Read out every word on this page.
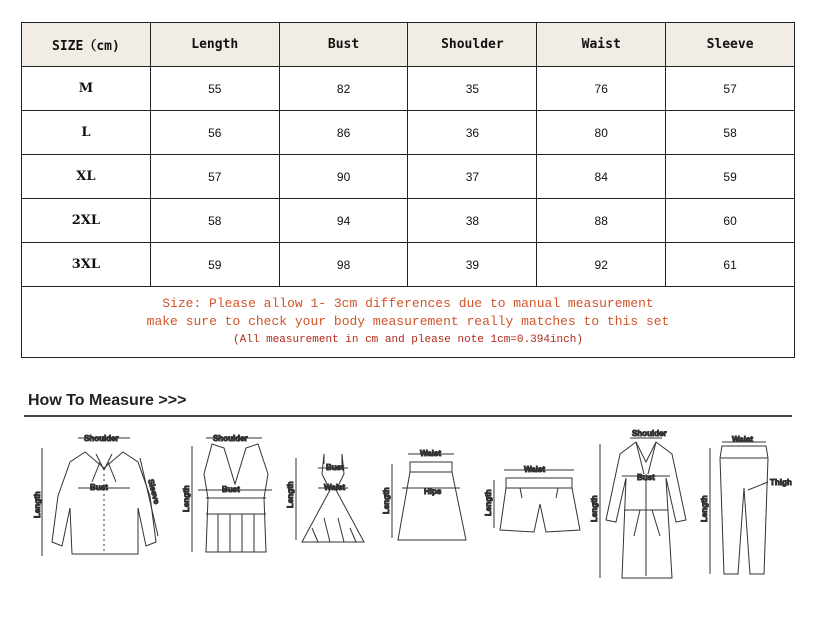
SIZE（cm)	Length	Bust	Shoulder	Waist	Sleeve
M	55	82	35	76	57
L	56	86	36	80	58
XL	57	90	37	84	59
2XL	58	94	38	88	60
3XL	59	98	39	92	61

Size: Please allow 1- 3cm differences due to manual measurement
make sure to check your body measurement really matches to this set
(All measurement in cm and please note 1cm=0.394inch)					
How To Measure >>>
Shoulder
Bust
Length	Sleeve
Shoulder
Bust
Length
Bust
Waist
Length
Waist
Hips
Length
Waist
Length
Shoulder
Bust
Length
Waist
Thigh
Length
